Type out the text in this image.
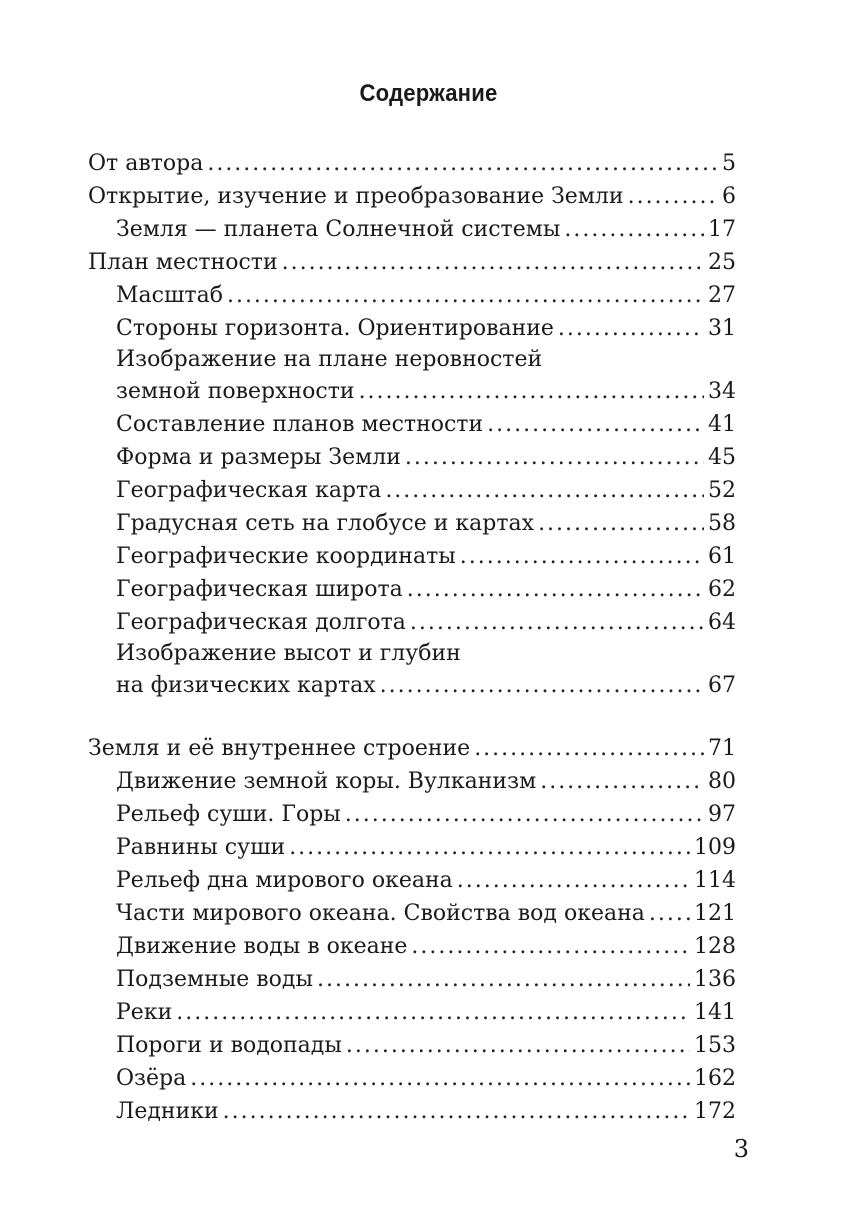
Содержание
От автора .....	5
Открытие, изучение и преобразование Земли .....	6
Земля — планета Солнечной системы .....	17
План местности .....	25
Масштаб .....	27
Стороны горизонта. Ориентирование .....	31
Изображение на плане неровностей
земной поверхности .....	34
Составление планов местности .....	41
Форма и размеры Земли .....	45
Географическая карта .....	52
Градусная сеть на глобусе и картах .....	58
Географические координаты .....	61
Географическая широта .....	62
Географическая долгота .....	64
Изображение высот и глубин
на физических картах .....	67
Земля и её внутреннее строение .....	71
Движение земной коры. Вулканизм .....	80
Рельеф суши. Горы .....	97
Равнины суши .....	109
Рельеф дна мирового океана .....	114
Части мирового океана. Свойства вод океана ..... 121
Движение воды в океане .....	128
Подземные воды .....	136
Реки .....	141
Пороги и водопады .....	153
Озёра .....	162
Ледники .....	172
3
